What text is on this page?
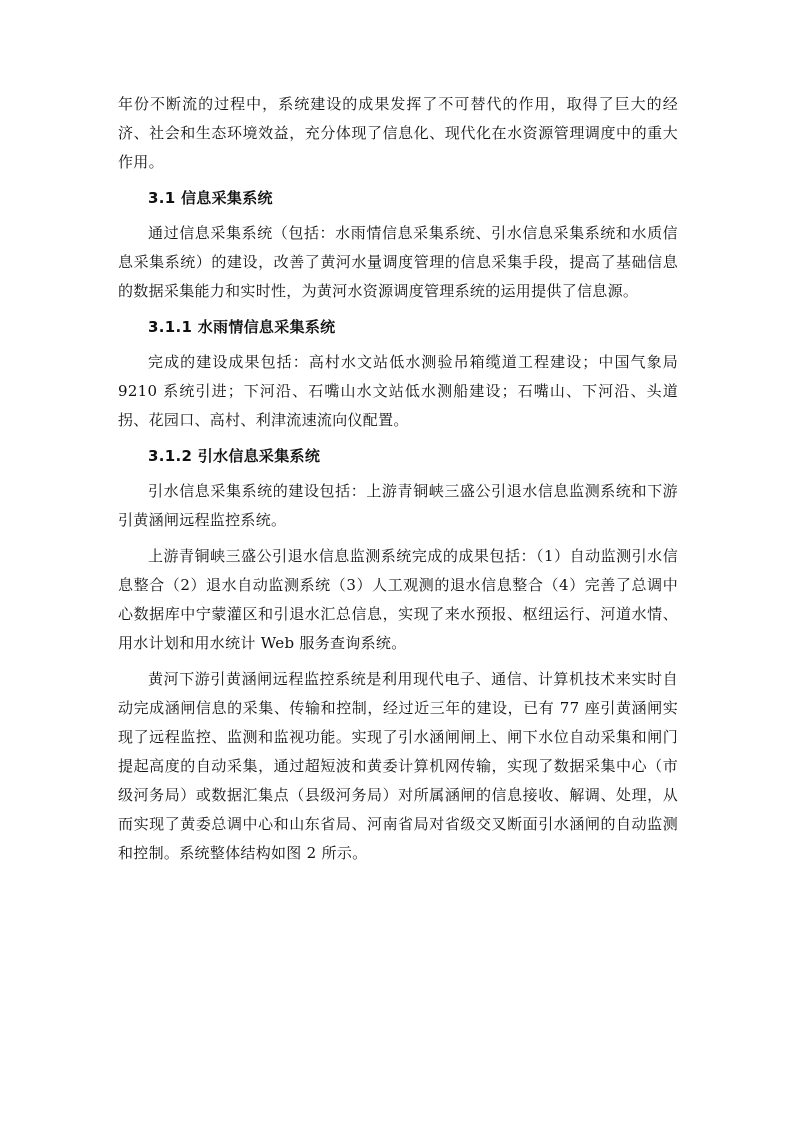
年份不断流的过程中，系统建设的成果发挥了不可替代的作用，取得了巨大的经济、社会和生态环境效益，充分体现了信息化、现代化在水资源管理调度中的重大作用。

3.1 信息采集系统

通过信息采集系统（包括：水雨情信息采集系统、引水信息采集系统和水质信息采集系统）的建设，改善了黄河水量调度管理的信息采集手段，提高了基础信息的数据采集能力和实时性，为黄河水资源调度管理系统的运用提供了信息源。

3.1.1 水雨情信息采集系统

完成的建设成果包括：高村水文站低水测验吊箱缆道工程建设；中国气象局9210 系统引进；下河沿、石嘴山水文站低水测船建设；石嘴山、下河沿、头道拐、花园口、高村、利津流速流向仪配置。

3.1.2 引水信息采集系统

引水信息采集系统的建设包括：上游青铜峡三盛公引退水信息监测系统和下游引黄涵闸远程监控系统。

上游青铜峡三盛公引退水信息监测系统完成的成果包括：（1）自动监测引水信息整合（2）退水自动监测系统（3）人工观测的退水信息整合（4）完善了总调中心数据库中宁蒙灌区和引退水汇总信息，实现了来水预报、枢纽运行、河道水情、用水计划和用水统计 Web 服务查询系统。

黄河下游引黄涵闸远程监控系统是利用现代电子、通信、计算机技术来实时自动完成涵闸信息的采集、传输和控制，经过近三年的建设，已有 77 座引黄涵闸实现了远程监控、监测和监视功能。实现了引水涵闸闸上、闸下水位自动采集和闸门提起高度的自动采集，通过超短波和黄委计算机网传输，实现了数据采集中心（市级河务局）或数据汇集点（县级河务局）对所属涵闸的信息接收、解调、处理，从而实现了黄委总调中心和山东省局、河南省局对省级交叉断面引水涵闸的自动监测和控制。系统整体结构如图 2 所示。
